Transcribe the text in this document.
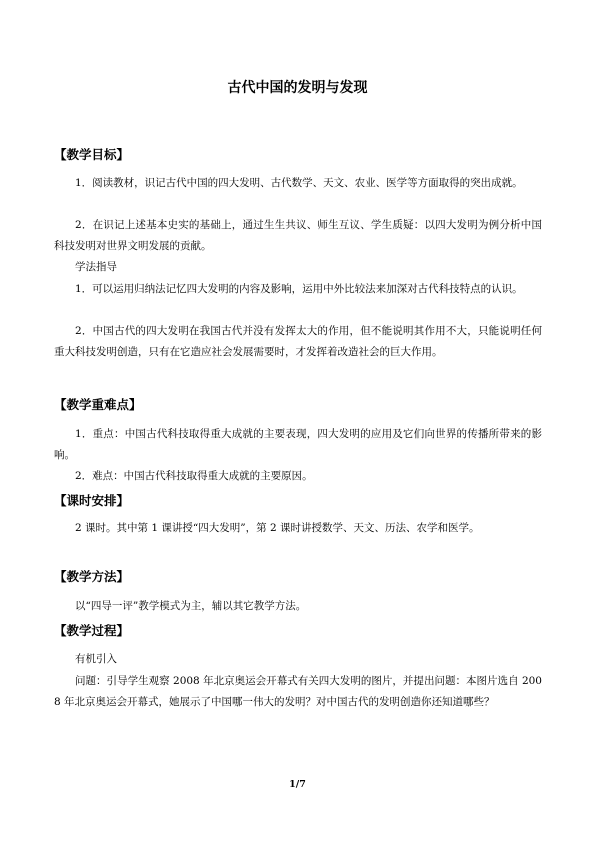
古代中国的发明与发现
【教学目标】
1．阅读教材，识记古代中国的四大发明、古代数学、天文、农业、医学等方面取得的突出成就。
2．在识记上述基本史实的基础上，通过生生共议、师生互议、学生质疑：以四大发明为例分析中国科技发明对世界文明发展的贡献。
学法指导
1．可以运用归纳法记忆四大发明的内容及影响，运用中外比较法来加深对古代科技特点的认识。
2．中国古代的四大发明在我国古代并没有发挥太大的作用，但不能说明其作用不大，只能说明任何重大科技发明创造，只有在它造应社会发展需要时，才发挥着改造社会的巨大作用。
【教学重难点】
1．重点：中国古代科技取得重大成就的主要表现，四大发明的应用及它们向世界的传播所带来的影响。
2．难点：中国古代科技取得重大成就的主要原因。
【课时安排】
2 课时。其中第 1 课讲授“四大发明”，第 2 课时讲授数学、天文、历法、农学和医学。
【教学方法】
以“四导一评”教学模式为主，辅以其它教学方法。
【教学过程】
有机引入
问题：引导学生观察 2008 年北京奥运会开幕式有关四大发明的图片，并提出问题：本图片选自 2008 年北京奥运会开幕式，她展示了中国哪一伟大的发明？对中国古代的发明创造你还知道哪些？
1/7
